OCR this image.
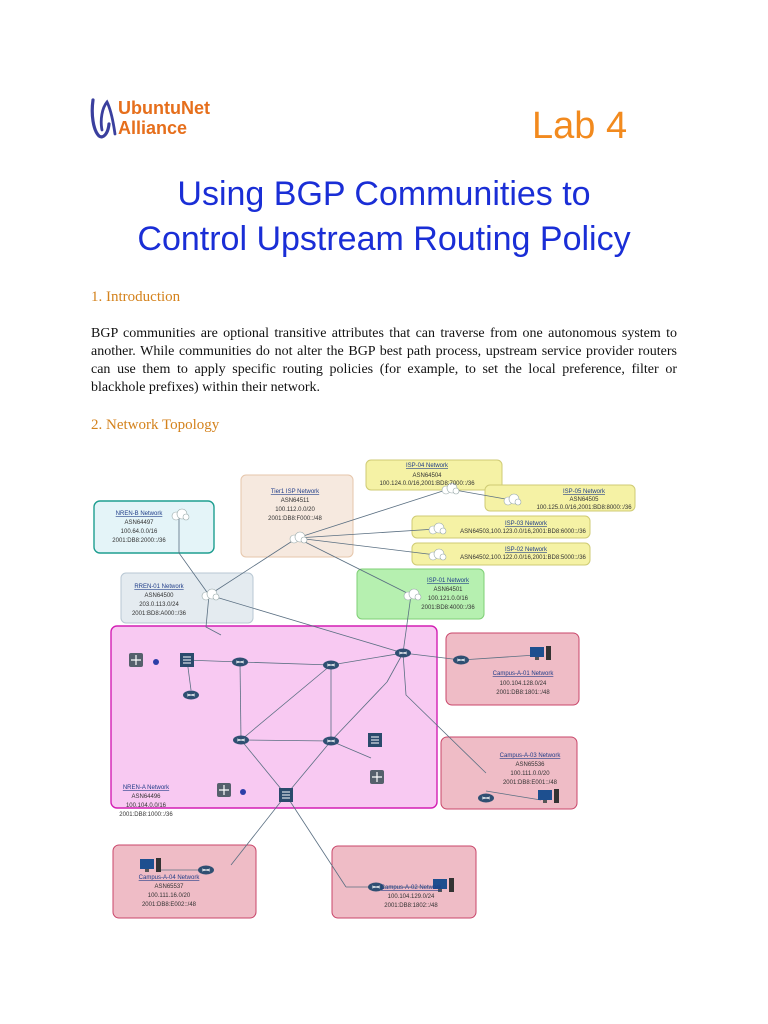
UbuntuNet
Alliance	Lab 4
Using BGP Communities to
Control Upstream Routing Policy
1. Introduction
BGP communities are optional transitive attributes that can traverse from one autonomous system to another. While communities do not alter the BGP best path process, upstream service provider routers can use them to apply specific routing policies (for example, to set the local preference, filter or blackhole prefixes) within their network.
2. Network Topology
ISP-04 Network
ASN64504
100.124.0.0/16,2001:BD8:7000::/36
ISP-05 Network
ASN64505
100.125.0.0/16,2001:BD8:8000::/36
Tier1 ISP Network
ASN64511
100.112.0.0/20
2001:DB8:F000::/48
ISP-03 Network
ASN64503,100.123.0.0/16,2001:BD8:6000::/36
ISP-02 Network
ASN64502,100.122.0.0/16,2001:BD8:5000::/36
NREN-B Network
ASN64497
100.64.0.0/16
2001:DB8:2000::/36
RREN-01 Network
ASN64500
203.0.113.0/24
2001:BD8:A000::/36
ISP-01 Network
ASN64501
100.121.0.0/16
2001:BD8:4000::/36
Campus-A-01 Network
100.104.128.0/24
2001:DB8:1801::/48
Campus-A-03 Network
ASN65536
100.111.0.0/20
2001:DB8:E001::/48
NREN-A Network
ASN64496
100.104.0.0/16
2001:DB8:1000::/36
Campus-A-04 Network
ASN65537
100.111.16.0/20
2001:DB8:E002::/48
Campus-A-02 Network
100.104.129.0/24
2001:DB8:1802::/48
